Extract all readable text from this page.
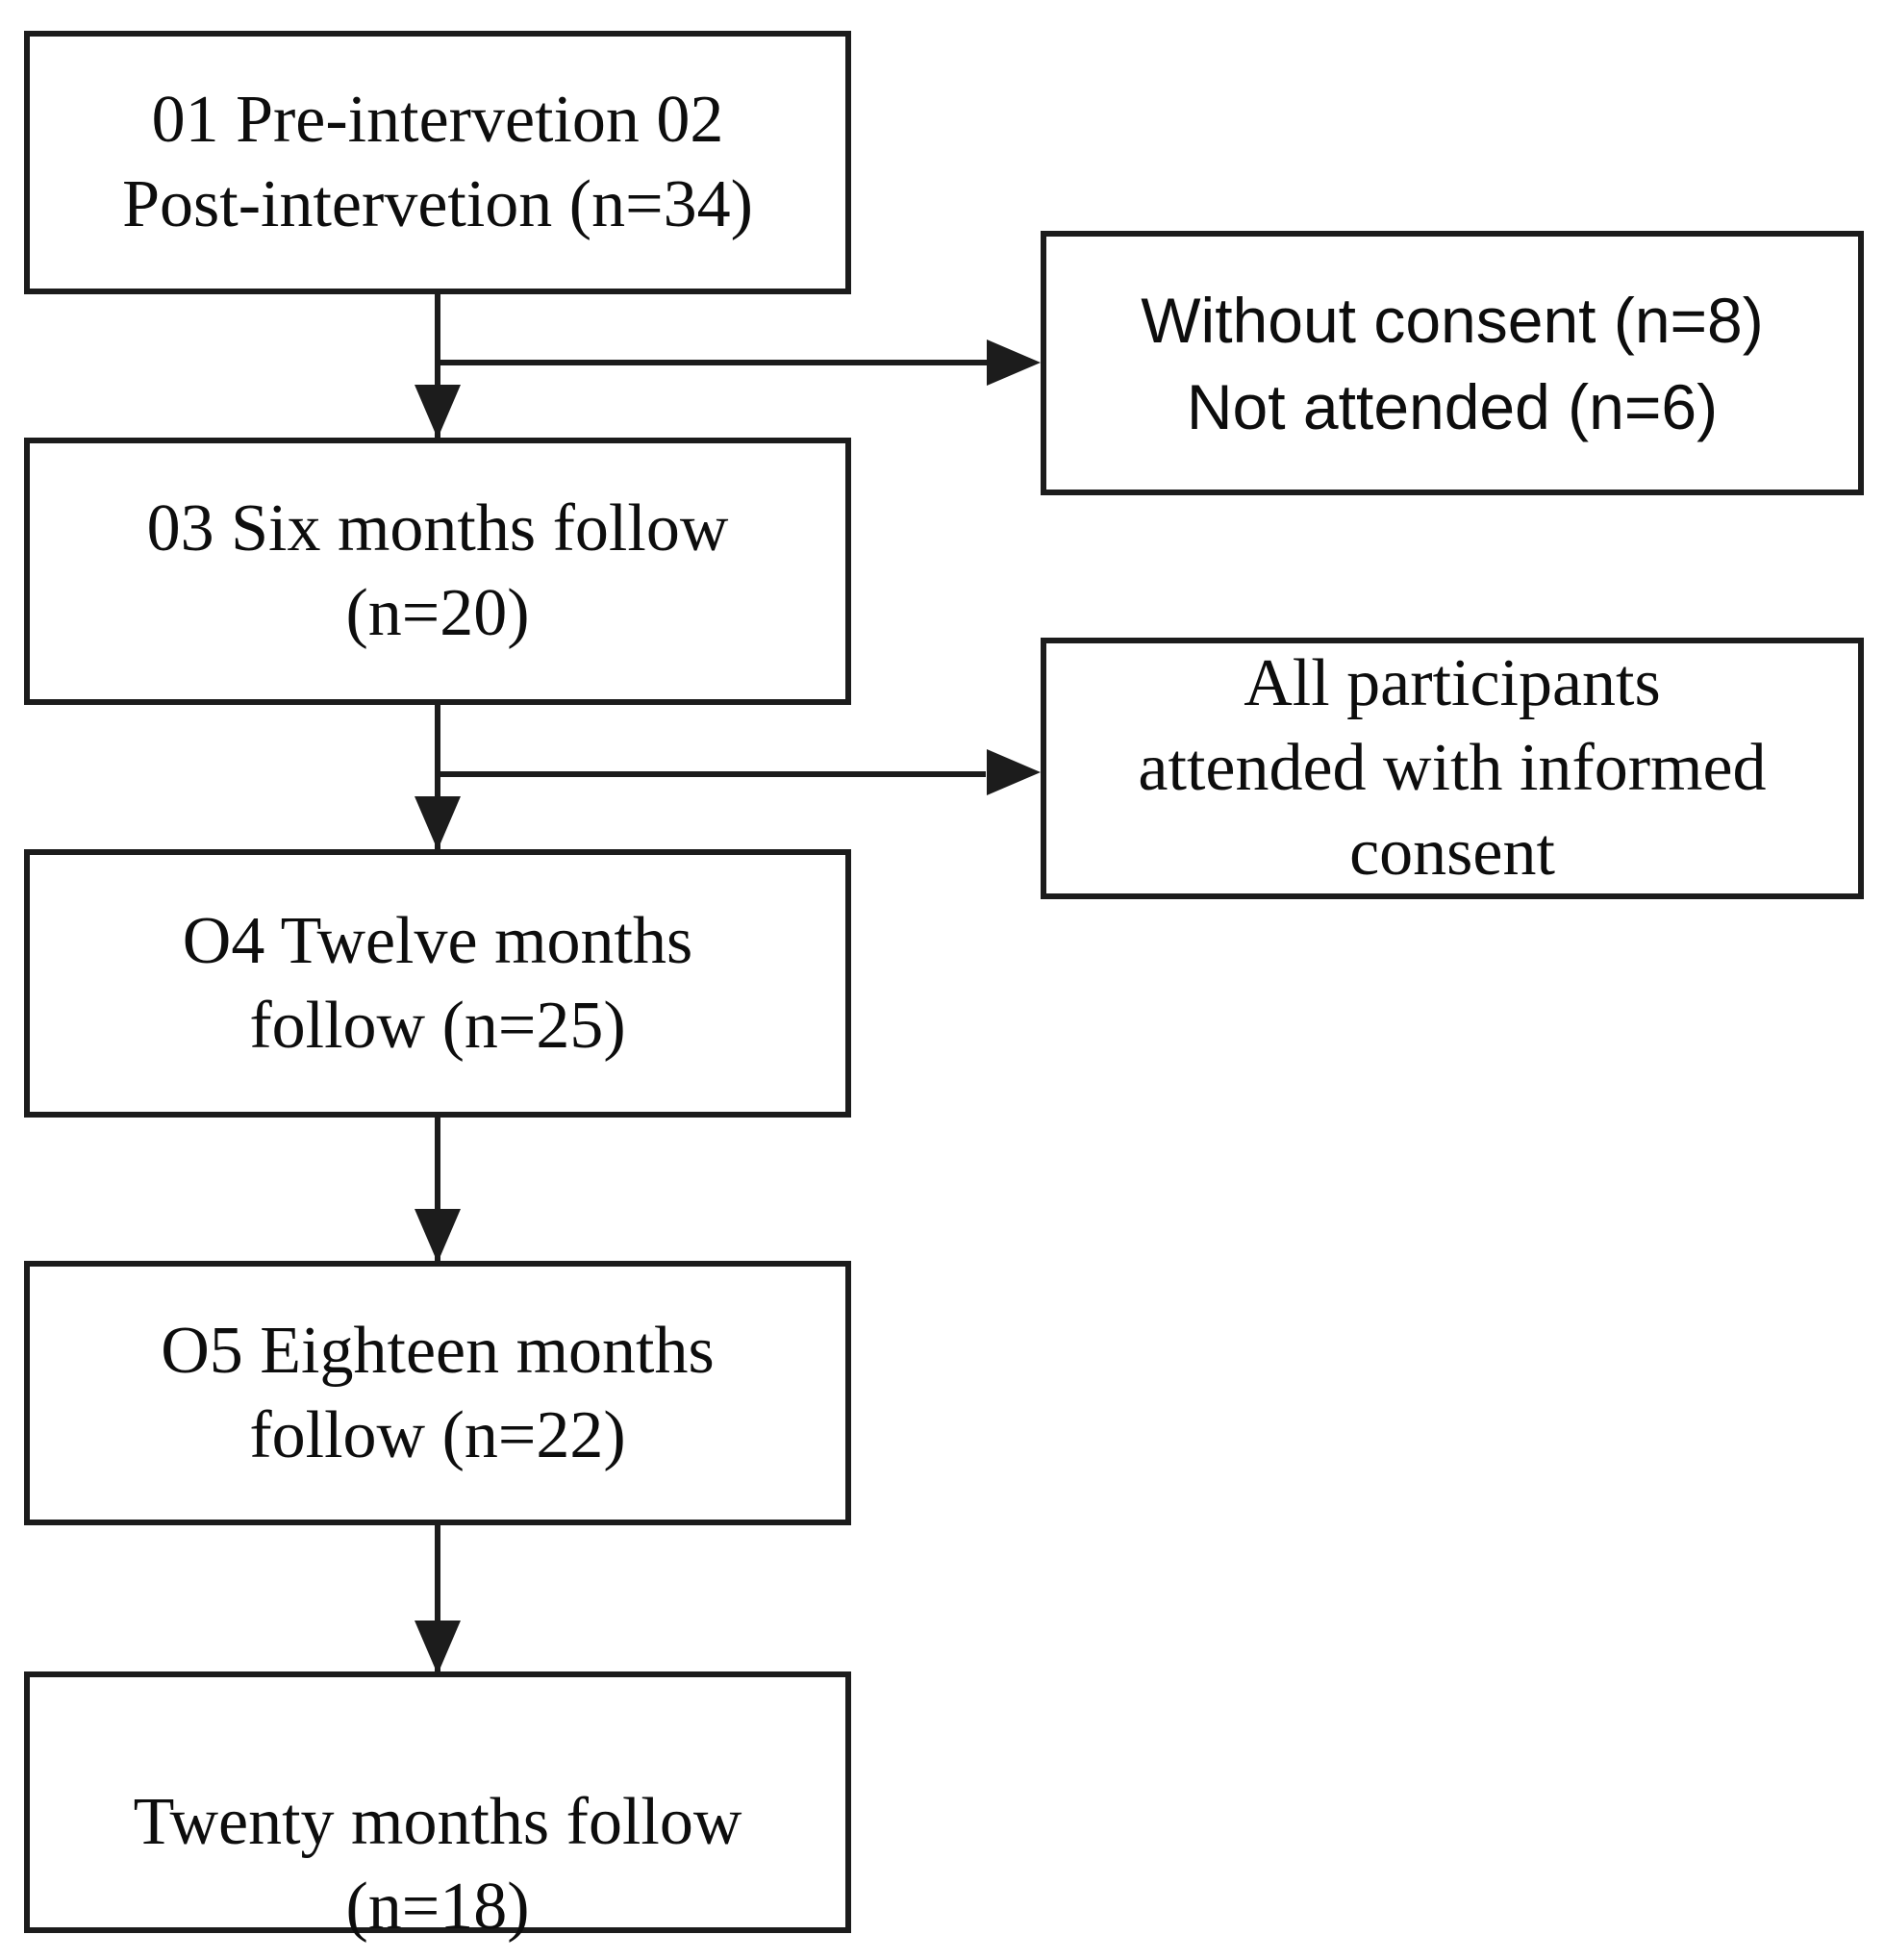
01 Pre-intervetion 02
Post-intervetion (n=34)
03 Six months follow
(n=20)
O4 Twelve months
follow (n=25)
O5 Eighteen months
follow (n=22)
Twenty months follow
(n=18)
Without consent (n=8)
Not attended (n=6)
All participants
attended with informed
consent
